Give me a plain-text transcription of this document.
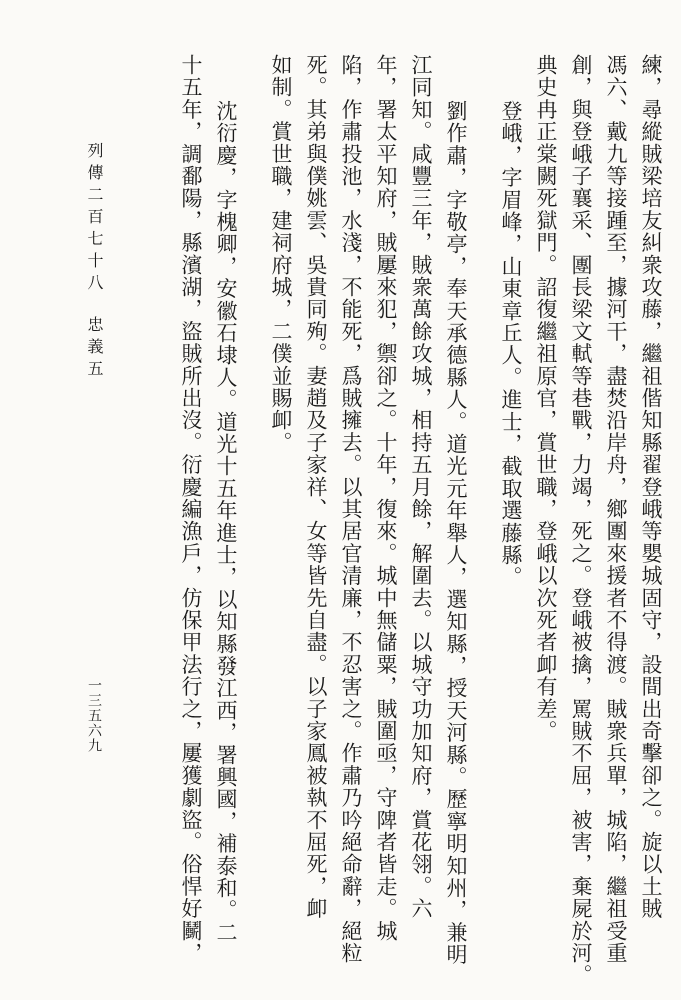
練，尋縱賊梁培友糾衆攻藤，繼祖偕知縣翟登峨等嬰城固守，設間出奇擊卻之。旋以土賊
馮六、戴九等接踵至，據河干，盡焚沿岸舟，鄉團來援者不得渡。賊衆兵單，城陷，繼祖受重
創，與登峨子襄采、團長梁文軾等巷戰，力竭，死之。登峨被擒，罵賊不屈，被害，棄屍於河。
典史冉正棠闕死獄門。詔復繼祖原官，賞世職，登峨以次死者卹有差。
登峨，字眉峰，山東章丘人。進士，截取選藤縣。
劉作肅，字敬亭，奉天承德縣人。道光元年舉人，選知縣，授天河縣。歷寧明知州，兼明
江同知。咸豐三年，賊衆萬餘攻城，相持五月餘，解圍去。以城守功加知府，賞花翎。六
年，署太平知府，賊屢來犯，禦卻之。十年，復來。城中無儲粟，賊圍亟，守陴者皆走。城
陷，作肅投池，水淺，不能死，爲賊擁去。以其居官清廉，不忍害之。作肅乃吟絕命辭，絕粒
死。其弟與僕姚雲、吳貴同殉。妻趙及子家祥、女等皆先自盡。以子家鳳被執不屈死，卹
如制。賞世職，建祠府城，二僕並賜卹。
沈衍慶，字槐卿，安徽石埭人。道光十五年進士，以知縣發江西，署興國，補泰和。二
十五年，調鄱陽，縣濱湖，盜賊所出沒。衍慶編漁戶，仿保甲法行之，屢獲劇盜。俗悍好鬭，
列傳二百七十八
忠義五
一三五六九
